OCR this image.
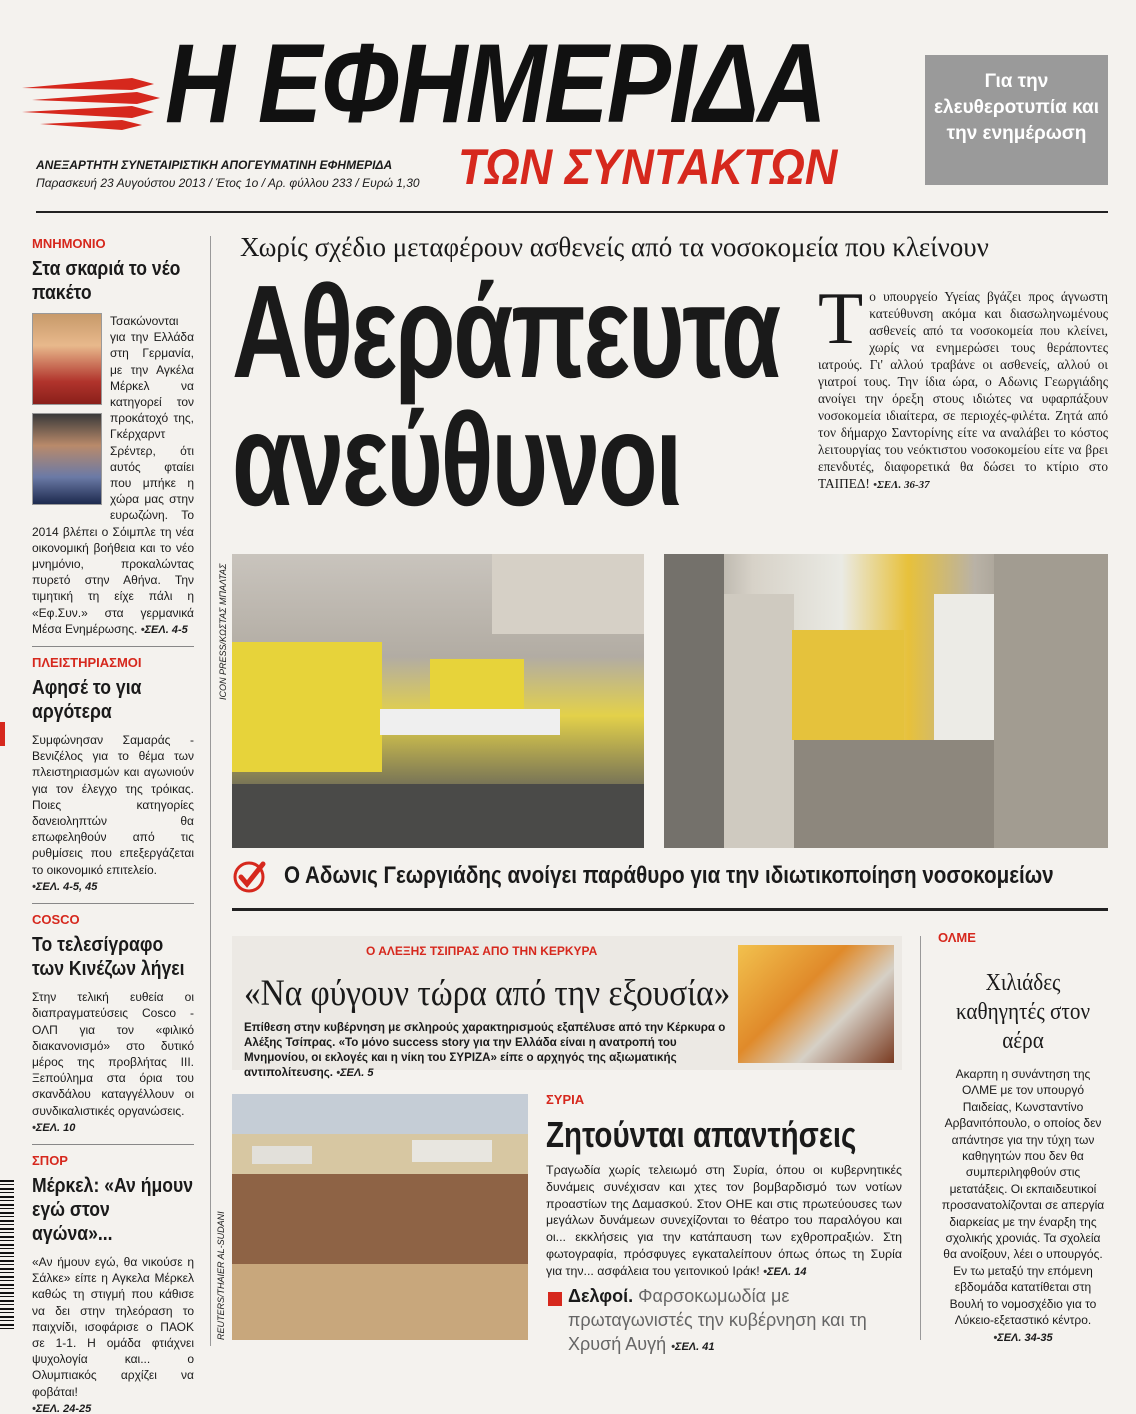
Η ΕΦΗΜΕΡΙΔΑ
ΤΩΝ ΣΥΝΤΑΚΤΩΝ
ΑΝΕΞΑΡΤΗΤΗ ΣΥΝΕΤΑΙΡΙΣΤΙΚΗ ΑΠΟΓΕΥΜΑΤΙΝΗ ΕΦΗΜΕΡΙΔΑ
Παρασκευή 23 Αυγούστου 2013 / Έτος 1ο / Αρ. φύλλου 233 / Ευρώ 1,30
Για την ελευθεροτυπία και την ενημέρωση
ΜΝΗΜΟΝΙΟ
Στα σκαριά το νέο πακέτο
Τσακώνονται για την Ελλάδα στη Γερμανία, με την Αγκέλα Μέρκελ να κατηγορεί τον προκάτοχό της, Γκέρχαρντ Σρέντερ, ότι αυτός φταίει που μπήκε η χώρα μας στην ευρωζώνη. Το 2014 βλέπει ο Σόιμπλε τη νέα οικονομική βοήθεια και το νέο μνημόνιο, προκαλώντας πυρετό στην Αθήνα. Την τιμητική τη είχε πάλι η «Εφ.Συν.» στα γερμανικά Μέσα Ενημέρωσης. • ΣΕΛ. 4-5
ΠΛΕΙΣΤΗΡΙΑΣΜΟΙ
Αφησέ το για αργότερα
Συμφώνησαν Σαμαράς - Βενιζέλος για το θέμα των πλειστηριασμών και αγωνιούν για τον έλεγχο της τρόικας. Ποιες κατηγορίες δανειοληπτών θα επωφεληθούν από τις ρυθμίσεις που επεξεργάζεται το οικονομικό επιτελείο.
• ΣΕΛ. 4-5, 45
COSCO
Το τελεσίγραφο των Κινέζων λήγει
Στην τελική ευθεία οι διαπραγματεύσεις Cosco - ΟΛΠ για τον «φιλικό διακανονισμό» στο δυτικό μέρος της προβλήτας ΙΙΙ. Ξεπούλημα στα όρια του σκανδάλου καταγγέλλουν οι συνδικαλιστικές οργανώσεις.
• ΣΕΛ. 10
ΣΠΟΡ
Μέρκελ: «Αν ήμουν εγώ στον αγώνα»...
«Αν ήμουν εγώ, θα νικούσε η Σάλκε» είπε η Αγκελα Μέρκελ καθώς τη στιγμή που κάθισε να δει στην τηλεόραση το παιχνίδι, ισοφάρισε ο ΠΑΟΚ σε 1-1. Η ομάδα φτιάχνει ψυχολογία και... ο Ολυμπιακός αρχίζει να φοβάται!
• ΣΕΛ. 24-25
Χωρίς σχέδιο μεταφέρουν ασθενείς από τα νοσοκομεία που κλείνουν
Αθεράπευτα
ανεύθυνοι
Τ ο υπουργείο Υγείας βγάζει προς άγνωστη κατεύθυνση ακόμα και διασωληνωμένους ασθενείς από τα νοσοκομεία που κλείνει, χωρίς να ενημερώσει τους θεράποντες ιατρούς. Γι' αλλού τραβάνε οι ασθενείς, αλλού οι γιατροί τους. Την ίδια ώρα, ο Αδωνις Γεωργιάδης ανοίγει την όρεξη στους ιδιώτες να υφαρπάξουν νοσοκομεία ιδιαίτερα, σε περιοχές-φιλέτα. Ζητά από τον δήμαρχο Σαντορίνης είτε να αναλάβει το κόστος λειτουργίας του νεόκτιστου νοσοκομείου είτε να βρει επενδυτές, διαφορετικά θα δώσει το κτίριο στο ΤΑΙΠΕΔ! • ΣΕΛ. 36-37
ICON PRESS/ΚΩΣΤΑΣ ΜΠΑΛΤΑΣ
Ο Αδωνις Γεωργιάδης ανοίγει παράθυρο για την ιδιωτικοποίηση νοσοκομείων
Ο ΑΛΕΞΗΣ ΤΣΙΠΡΑΣ ΑΠΟ ΤΗΝ ΚΕΡΚΥΡΑ
«Να φύγουν τώρα από την εξουσία»
Επίθεση στην κυβέρνηση με σκληρούς χαρακτηρισμούς εξαπέλυσε από την Κέρκυρα ο Αλέξης Τσίπρας. «Το μόνο success story για την Ελλάδα είναι η ανατροπή του Μνημονίου, οι εκλογές και η νίκη του ΣΥΡΙΖΑ» είπε ο αρχηγός της αξιωματικής αντιπολίτευσης. • ΣΕΛ. 5
REUTERS/THAIER AL-SUDANI
ΣΥΡΙΑ
Ζητούνται απαντήσεις
Τραγωδία χωρίς τελειωμό στη Συρία, όπου οι κυβερνητικές δυνάμεις συνέχισαν και χτες τον βομβαρδισμό των νοτίων προαστίων της Δαμασκού. Στον ΟΗΕ και στις πρωτεύουσες των μεγάλων δυνάμεων συνεχίζονται το θέατρο του παραλόγου και οι... εκκλήσεις για την κατάπαυση των εχθροπραξιών. Στη φωτογραφία, πρόσφυγες εγκαταλείπουν όπως όπως τη Συρία για την... ασφάλεια του γειτονικού Ιράκ! • ΣΕΛ. 14
Δελφοί. Φαρσοκωμωδία με πρωταγωνιστές την κυβέρνηση και τη Χρυσή Αυγή • ΣΕΛ. 41
ΟΛΜΕ
Χιλιάδες καθηγητές στον αέρα
Ακαρπη η συνάντηση της ΟΛΜΕ με τον υπουργό Παιδείας, Κωνσταντίνο Αρβανιτόπουλο, ο οποίος δεν απάντησε για την τύχη των καθηγητών που δεν θα συμπεριληφθούν στις μετατάξεις. Οι εκπαιδευτικοί προσανατολίζονται σε απεργία διαρκείας με την έναρξη της σχολικής χρονιάς. Τα σχολεία θα ανοίξουν, λέει ο υπουργός. Εν τω μεταξύ την επόμενη εβδομάδα κατατίθεται στη Βουλή το νομοσχέδιο για το Λύκειο-εξεταστικό κέντρο.
• ΣΕΛ. 34-35
